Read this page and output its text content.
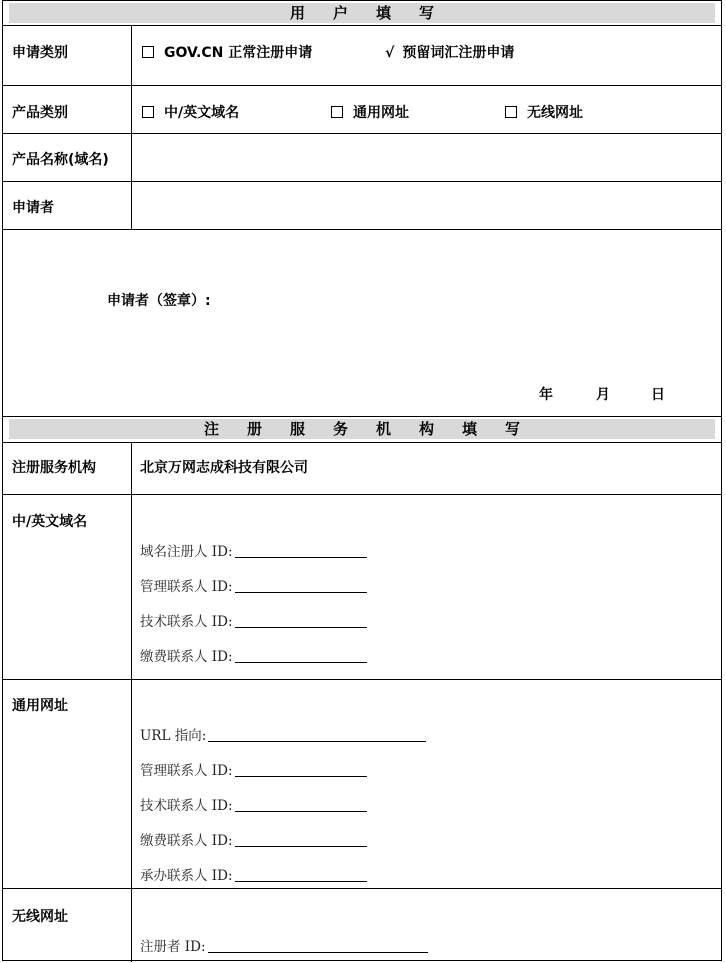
用 户 填 写
申请类别	GOV.CN 正常注册申请	√ 预留词汇注册申请
产品类别	中/英文域名	通用网址	无线网址
产品名称(域名)
申请者
申请者（签章）:
年	月	日
注 册 服 务 机 构 填 写
注册服务机构	北京万网志成科技有限公司
中/英文域名
域名注册人 ID:
管理联系人 ID:
技术联系人 ID:
缴费联系人 ID:
通用网址
URL 指向:
管理联系人 ID:
技术联系人 ID:
缴费联系人 ID:
承办联系人 ID:
无线网址
注册者 ID:
